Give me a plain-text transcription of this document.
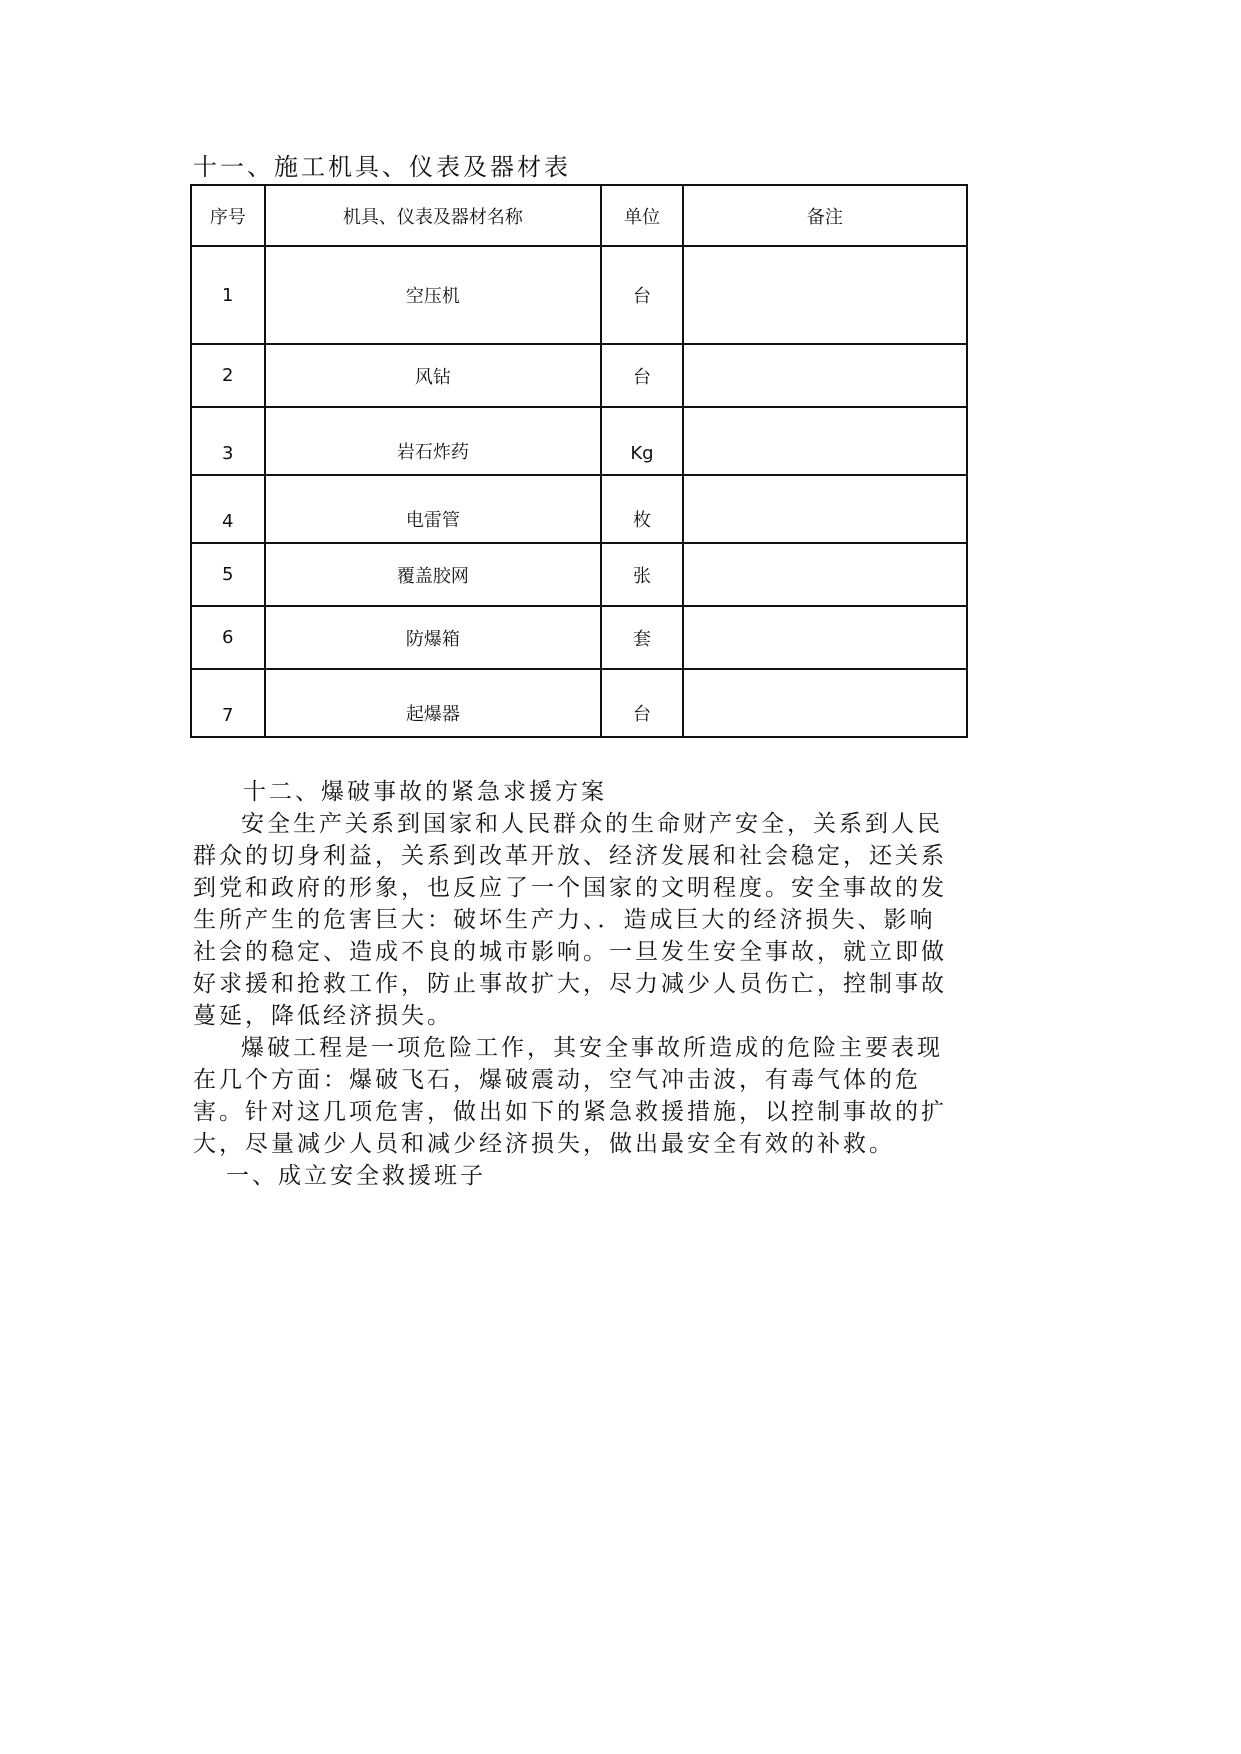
十一、施工机具、仪表及器材表
序号	机具、仪表及器材名称	单位	备注
1	空压机	台	
2	风钻	台	
3	岩石炸药	Kg	
4	电雷管	枚	
5	覆盖胶网	张	
6	防爆箱	套	
7	起爆器	台	

十二、爆破事故的紧急求援方案

安全生产关系到国家和人民群众的生命财产安全，关系到人民群众的切身利益，关系到改革开放、经济发展和社会稳定，还关系到党和政府的形象，也反应了一个国家的文明程度。安全事故的发生所产生的危害巨大：破坏生产力、．造成巨大的经济损失、影响社会的稳定、造成不良的城市影响。一旦发生安全事故，就立即做好求援和抢救工作，防止事故扩大，尽力减少人员伤亡，控制事故蔓延，降低经济损失。

爆破工程是一项危险工作，其安全事故所造成的危险主要表现在几个方面：爆破飞石，爆破震动，空气冲击波，有毒气体的危害。针对这几项危害，做出如下的紧急救援措施，以控制事故的扩大，尽量减少人员和减少经济损失，做出最安全有效的补救。

一、成立安全救援班子
